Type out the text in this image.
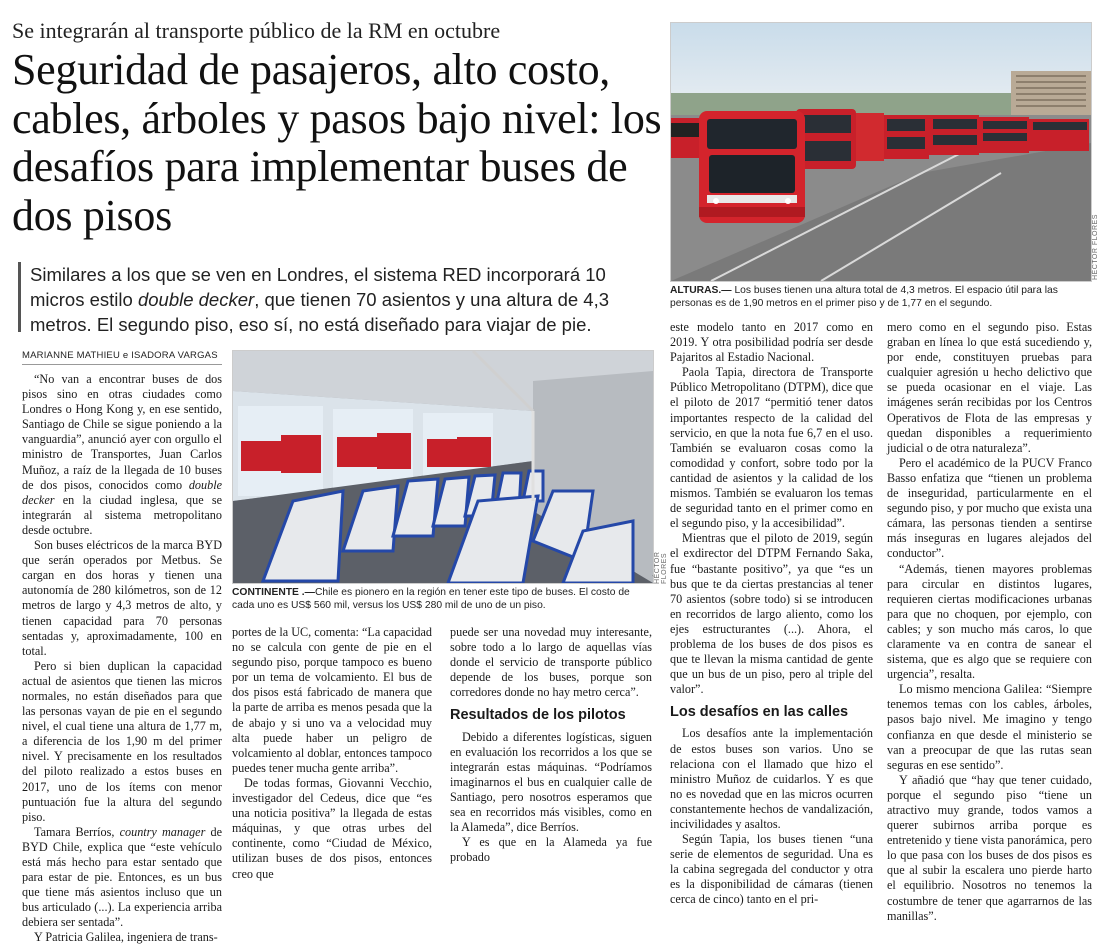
Se integrarán al transporte público de la RM en octubre
Seguridad de pasajeros, alto costo, cables, árboles y pasos bajo nivel: los desafíos para implementar buses de dos pisos
Similares a los que se ven en Londres, el sistema RED incorporará 10 micros estilo double decker, que tienen 70 asientos y una altura de 4,3 metros. El segundo piso, eso sí, no está diseñado para viajar de pie.
HÉCTOR FLORES
ALTURAS.— Los buses tienen una altura total de 4,3 metros. El espacio útil para las personas es de 1,90 metros en el primer piso y de 1,77 en el segundo.
HÉCTOR FLORES
CONTINENTE .—Chile es pionero en la región en tener este tipo de buses. El costo de cada uno es US$ 560 mil, versus los US$ 280 mil de uno de un piso.
MARIANNE MATHIEU e ISADORA VARGAS

“No van a encontrar buses de dos pisos sino en otras ciudades como Londres o Hong Kong y, en ese sentido, Santiago de Chile se sigue poniendo a la vanguardia”, anunció ayer con orgullo el ministro de Transportes, Juan Carlos Muñoz, a raíz de la llegada de 10 buses de dos pisos, conocidos como double decker en la ciudad inglesa, que se integrarán al sistema metropolitano desde octubre.

Son buses eléctricos de la marca BYD que serán operados por Metbus. Se cargan en dos horas y tienen una autonomía de 280 kilómetros, son de 12 metros de largo y 4,3 metros de alto, y tienen capacidad para 70 personas sentadas y, aproximadamente, 100 en total.

Pero si bien duplican la capacidad actual de asientos que tienen las micros normales, no están diseñados para que las personas vayan de pie en el segundo nivel, el cual tiene una altura de 1,77 m, a diferencia de los 1,90 m del primer nivel. Y precisamente en los resultados del piloto realizado a estos buses en 2017, uno de los ítems con menor puntuación fue la altura del segundo piso.

Tamara Berríos, country manager de BYD Chile, explica que “este vehículo está más hecho para estar sentado que para estar de pie. Entonces, es un bus que tiene más asientos incluso que un bus articulado (...). La experiencia arriba debiera ser sentada”.

Y Patricia Galilea, ingeniera de trans-

portes de la UC, comenta: “La capacidad no se calcula con gente de pie en el segundo piso, porque tampoco es bueno por un tema de volcamiento. El bus de dos pisos está fabricado de manera que la parte de arriba es menos pesada que la de abajo y si uno va a velocidad muy alta puede haber un peligro de volcamiento al doblar, entonces tampoco puedes tener mucha gente arriba”.

De todas formas, Giovanni Vecchio, investigador del Cedeus, dice que “es una noticia positiva” la llegada de estas máquinas, y que otras urbes del continente, como “Ciudad de México, utilizan buses de dos pisos, entonces creo que

puede ser una novedad muy interesante, sobre todo a lo largo de aquellas vías donde el servicio de transporte público depende de los buses, porque son corredores donde no hay metro cerca”.

Resultados de los pilotos

Debido a diferentes logísticas, siguen en evaluación los recorridos a los que se integrarán estas máquinas. “Podríamos imaginarnos el bus en cualquier calle de Santiago, pero nosotros esperamos que sea en recorridos más visibles, como en la Alameda”, dice Berríos.

Y es que en la Alameda ya fue probado

este modelo tanto en 2017 como en 2019. Y otra posibilidad podría ser desde Pajaritos al Estadio Nacional.

Paola Tapia, directora de Transporte Público Metropolitano (DTPM), dice que el piloto de 2017 “permitió tener datos importantes respecto de la calidad del servicio, en que la nota fue 6,7 en el uso. También se evaluaron cosas como la comodidad y confort, sobre todo por la cantidad de asientos y la calidad de los mismos. También se evaluaron los temas de seguridad tanto en el primer como en el segundo piso, y la accesibilidad”.

Mientras que el piloto de 2019, según el exdirector del DTPM Fernando Saka, fue “bastante positivo”, ya que “es un bus que te da ciertas prestancias al tener 70 asientos (sobre todo) si se introducen en recorridos de largo aliento, como los ejes estructurantes (...). Ahora, el problema de los buses de dos pisos es que te llevan la misma cantidad de gente que un bus de un piso, pero al triple del valor”.

Los desafíos en las calles

Los desafíos ante la implementación de estos buses son varios. Uno se relaciona con el llamado que hizo el ministro Muñoz de cuidarlos. Y es que no es novedad que en las micros ocurren constantemente hechos de vandalización, incivilidades y asaltos.

Según Tapia, los buses tienen “una serie de elementos de seguridad. Una es la cabina segregada del conductor y otra es la disponibilidad de cámaras (tienen cerca de cinco) tanto en el pri-

mero como en el segundo piso. Estas graban en línea lo que está sucediendo y, por ende, constituyen pruebas para cualquier agresión u hecho delictivo que se pueda ocasionar en el viaje. Las imágenes serán recibidas por los Centros Operativos de Flota de las empresas y quedan disponibles a requerimiento judicial o de otra naturaleza”.

Pero el académico de la PUCV Franco Basso enfatiza que “tienen un problema de inseguridad, particularmente en el segundo piso, y por mucho que exista una cámara, las personas tienden a sentirse más inseguras en lugares alejados del conductor”.

“Además, tienen mayores problemas para circular en distintos lugares, requieren ciertas modificaciones urbanas para que no choquen, por ejemplo, con cables; y son mucho más caros, lo que claramente va en contra de sanear el sistema, que es algo que se requiere con urgencia”, resalta.

Lo mismo menciona Galilea: “Siempre tenemos temas con los cables, árboles, pasos bajo nivel. Me imagino y tengo confianza en que desde el ministerio se van a preocupar de que las rutas sean seguras en ese sentido”.

Y añadió que “hay que tener cuidado, porque el segundo piso “tiene un atractivo muy grande, todos vamos a querer subirnos arriba porque es entretenido y tiene vista panorámica, pero lo que pasa con los buses de dos pisos es que al subir la escalera uno pierde harto el equilibrio. Nosotros no tenemos la costumbre de tener que agarrarnos de las manillas”.
